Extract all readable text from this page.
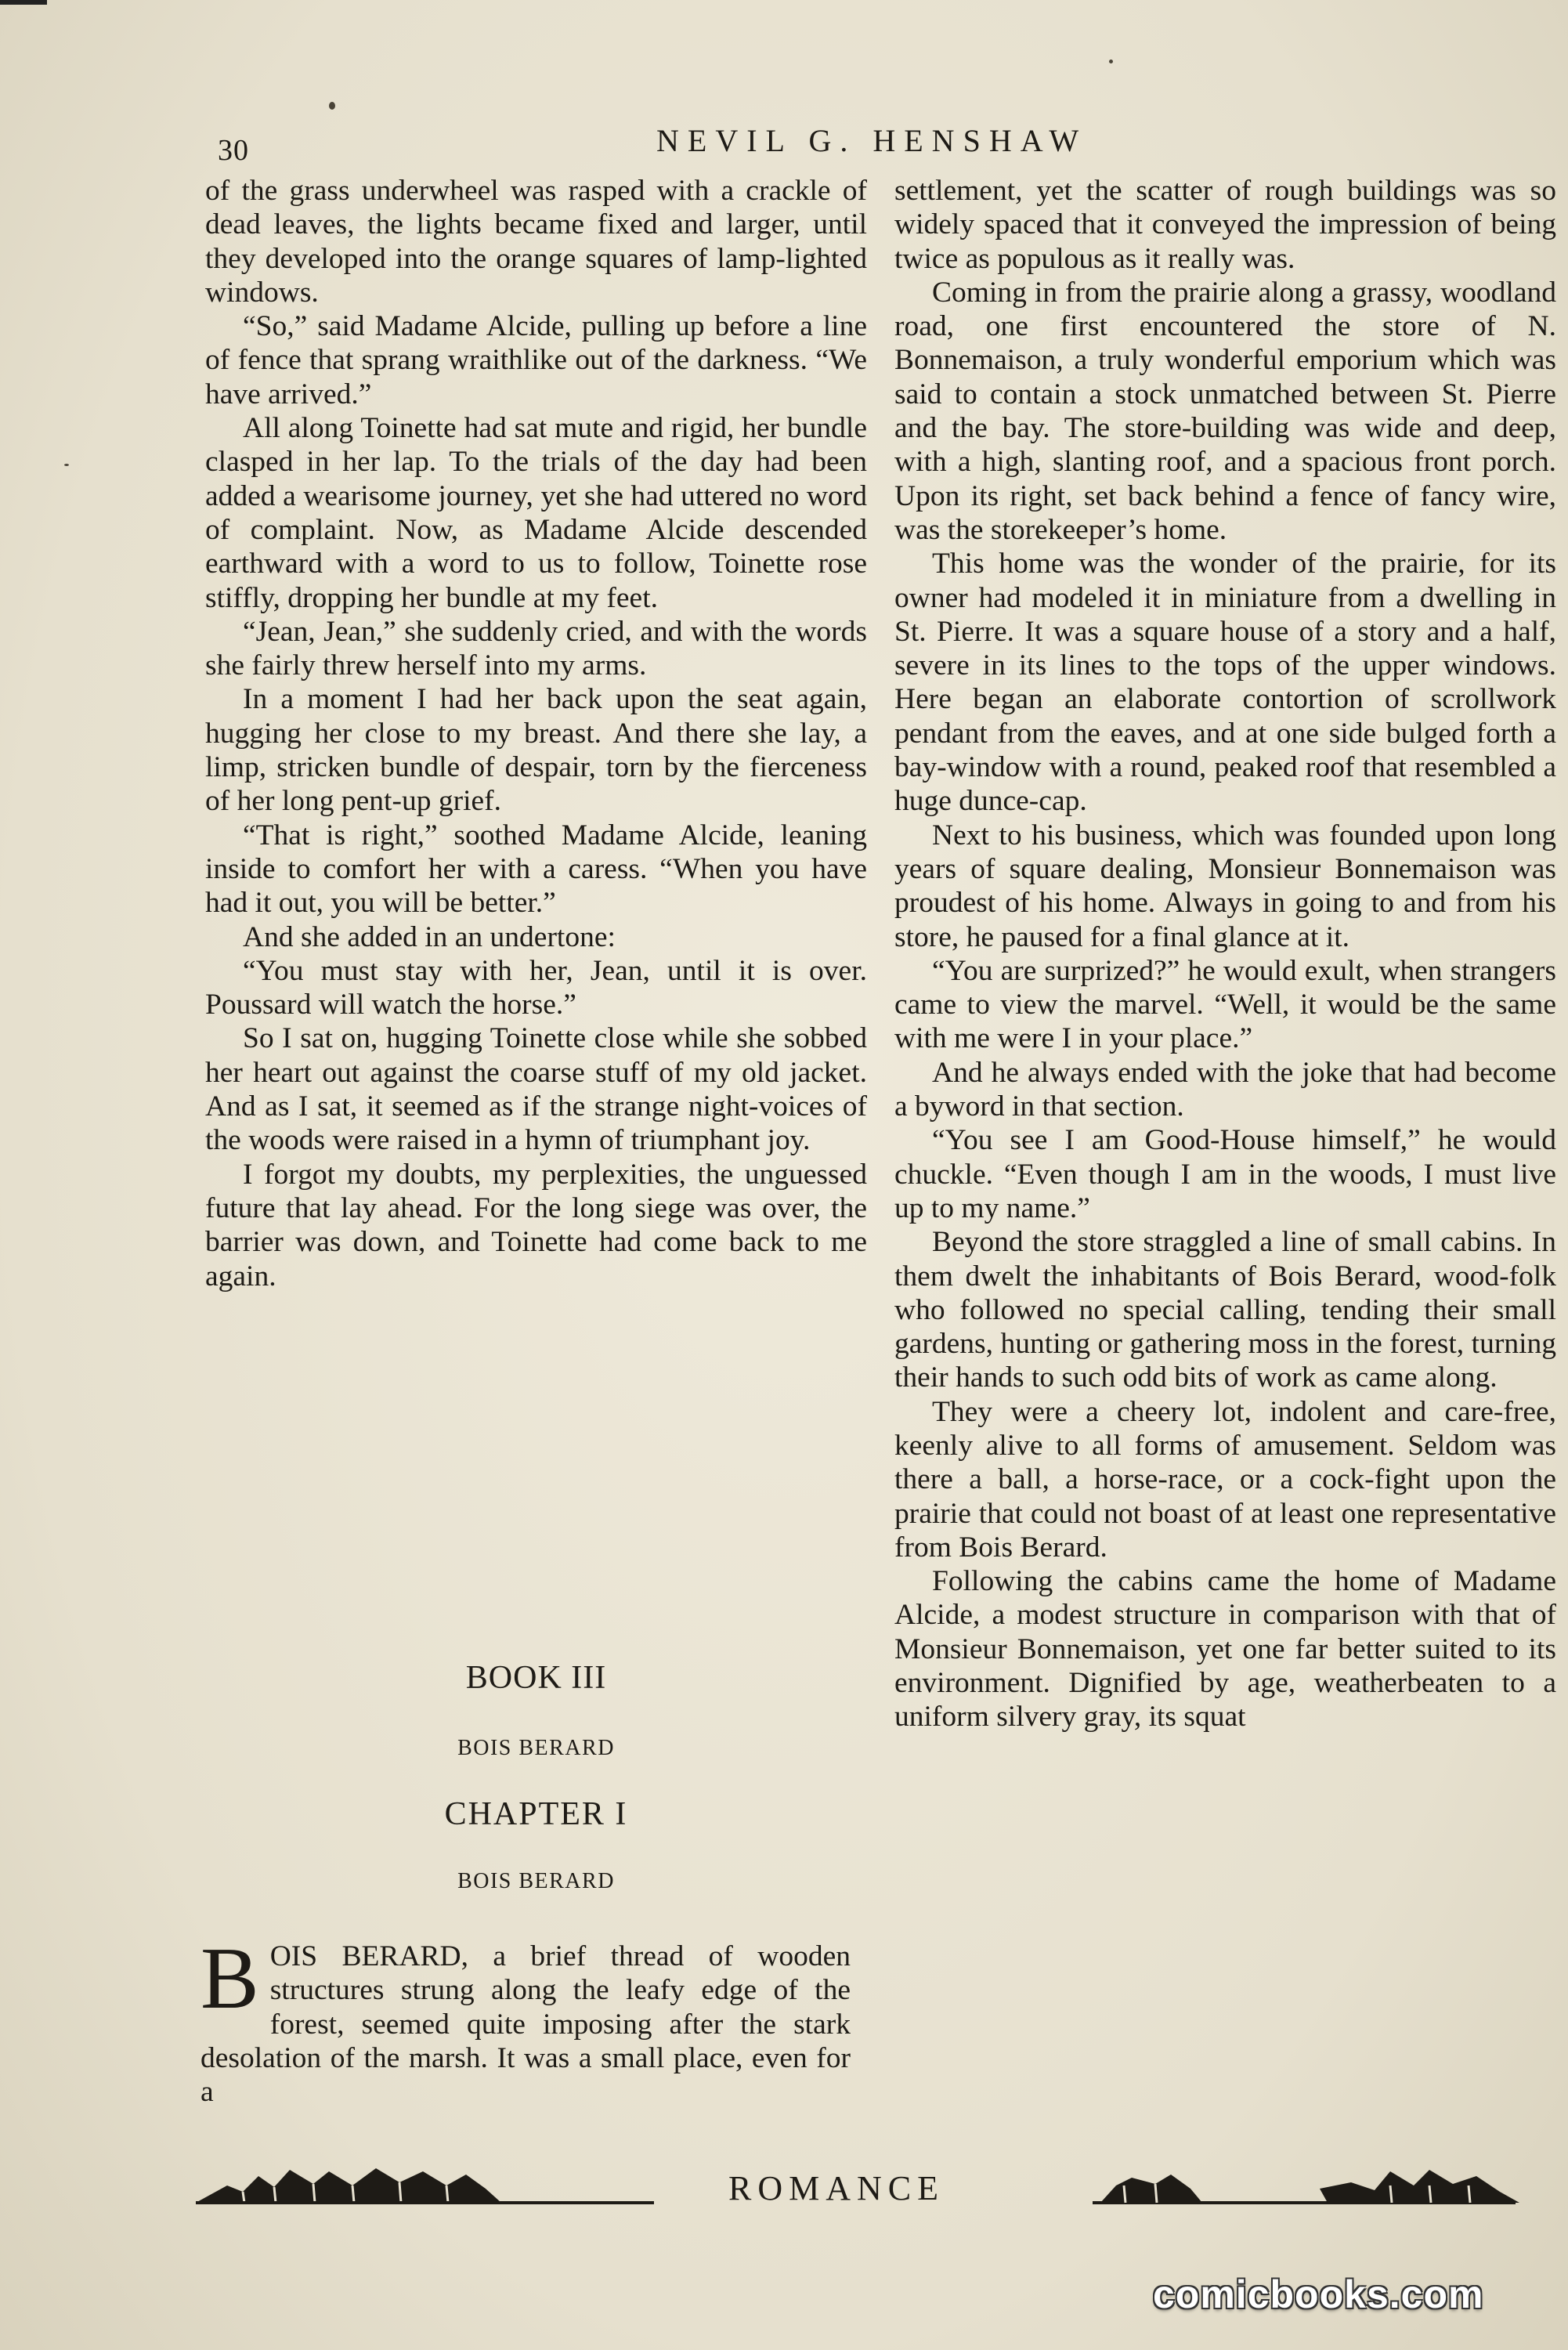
30	NEVIL G. HENSHAW

of the grass underwheel was rasped with a crackle of dead leaves, the lights became fixed and larger, until they developed into the orange squares of lamp-lighted windows.

“So,” said Madame Alcide, pulling up before a line of fence that sprang wraithlike out of the darkness. “We have arrived.”

All along Toinette had sat mute and rigid, her bundle clasped in her lap. To the trials of the day had been added a wearisome journey, yet she had uttered no word of complaint. Now, as Madame Alcide descended earthward with a word to us to follow, Toinette rose stiffly, dropping her bundle at my feet.

“Jean, Jean,” she suddenly cried, and with the words she fairly threw herself into my arms.

In a moment I had her back upon the seat again, hugging her close to my breast. And there she lay, a limp, stricken bundle of despair, torn by the fierceness of her long pent-up grief.

“That is right,” soothed Madame Alcide, leaning inside to comfort her with a caress. “When you have had it out, you will be better.”

And she added in an undertone:

“You must stay with her, Jean, until it is over. Poussard will watch the horse.”

So I sat on, hugging Toinette close while she sobbed her heart out against the coarse stuff of my old jacket. And as I sat, it seemed as if the strange night-voices of the woods were raised in a hymn of triumphant joy.

I forgot my doubts, my perplexities, the unguessed future that lay ahead. For the long siege was over, the barrier was down, and Toinette had come back to me again.

BOOK III
BOIS BERARD
CHAPTER I
BOIS BERARD
BOIS BERARD, a brief thread of wooden structures strung along the leafy edge of the forest, seemed quite imposing after the stark desolation of the marsh. It was a small place, even for a

settlement, yet the scatter of rough buildings was so widely spaced that it conveyed the impression of being twice as populous as it really was.

Coming in from the prairie along a grassy, woodland road, one first encountered the store of N. Bonnemaison, a truly wonderful emporium which was said to contain a stock unmatched between St. Pierre and the bay. The store-building was wide and deep, with a high, slanting roof, and a spacious front porch. Upon its right, set back behind a fence of fancy wire, was the storekeeper’s home.

This home was the wonder of the prairie, for its owner had modeled it in miniature from a dwelling in St. Pierre. It was a square house of a story and a half, severe in its lines to the tops of the upper windows. Here began an elaborate contortion of scrollwork pendant from the eaves, and at one side bulged forth a bay-window with a round, peaked roof that resembled a huge dunce-cap.

Next to his business, which was founded upon long years of square dealing, Monsieur Bonnemaison was proudest of his home. Always in going to and from his store, he paused for a final glance at it.

“You are surprized?” he would exult, when strangers came to view the marvel. “Well, it would be the same with me were I in your place.”

And he always ended with the joke that had become a byword in that section.

“You see I am Good-House himself,” he would chuckle. “Even though I am in the woods, I must live up to my name.”

Beyond the store straggled a line of small cabins. In them dwelt the inhabitants of Bois Berard, wood-folk who followed no special calling, tending their small gardens, hunting or gathering moss in the forest, turning their hands to such odd bits of work as came along.

They were a cheery lot, indolent and care-free, keenly alive to all forms of amusement. Seldom was there a ball, a horse-race, or a cock-fight upon the prairie that could not boast of at least one representative from Bois Berard.

Following the cabins came the home of Madame Alcide, a modest structure in comparison with that of Monsieur Bonnemaison, yet one far better suited to its environment. Dignified by age, weatherbeaten to a uniform silvery gray, its squat

ROMANCE
comicbooks.com
